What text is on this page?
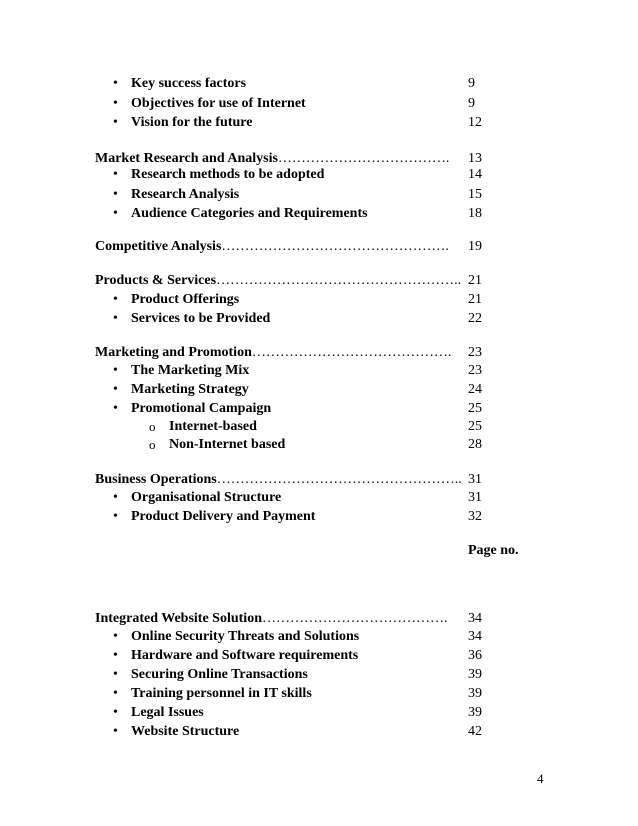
• Key success factors	9
• Objectives for use of Internet	9
• Vision for the future	12
Market Research and Analysis………………………………. 13
• Research methods to be adopted	14
• Research Analysis	15
• Audience Categories and Requirements	18
Competitive Analysis…………………………………………. 19
Products & Services…………………………………………….. 21
• Product Offerings	21
• Services to be Provided	22
Marketing and Promotion……………………………………. 23
• The Marketing Mix	23
• Marketing Strategy	24
• Promotional Campaign	25
o Internet-based	25
o Non-Internet based	28
Business Operations…………………………………………….. 31
• Organisational Structure	31
• Product Delivery and Payment	32
Page no.
Integrated Website Solution…………………………………. 34
• Online Security Threats and Solutions	34
• Hardware and Software requirements	36
• Securing Online Transactions	39
• Training personnel in IT skills	39
• Legal Issues	39
• Website Structure	42
4
